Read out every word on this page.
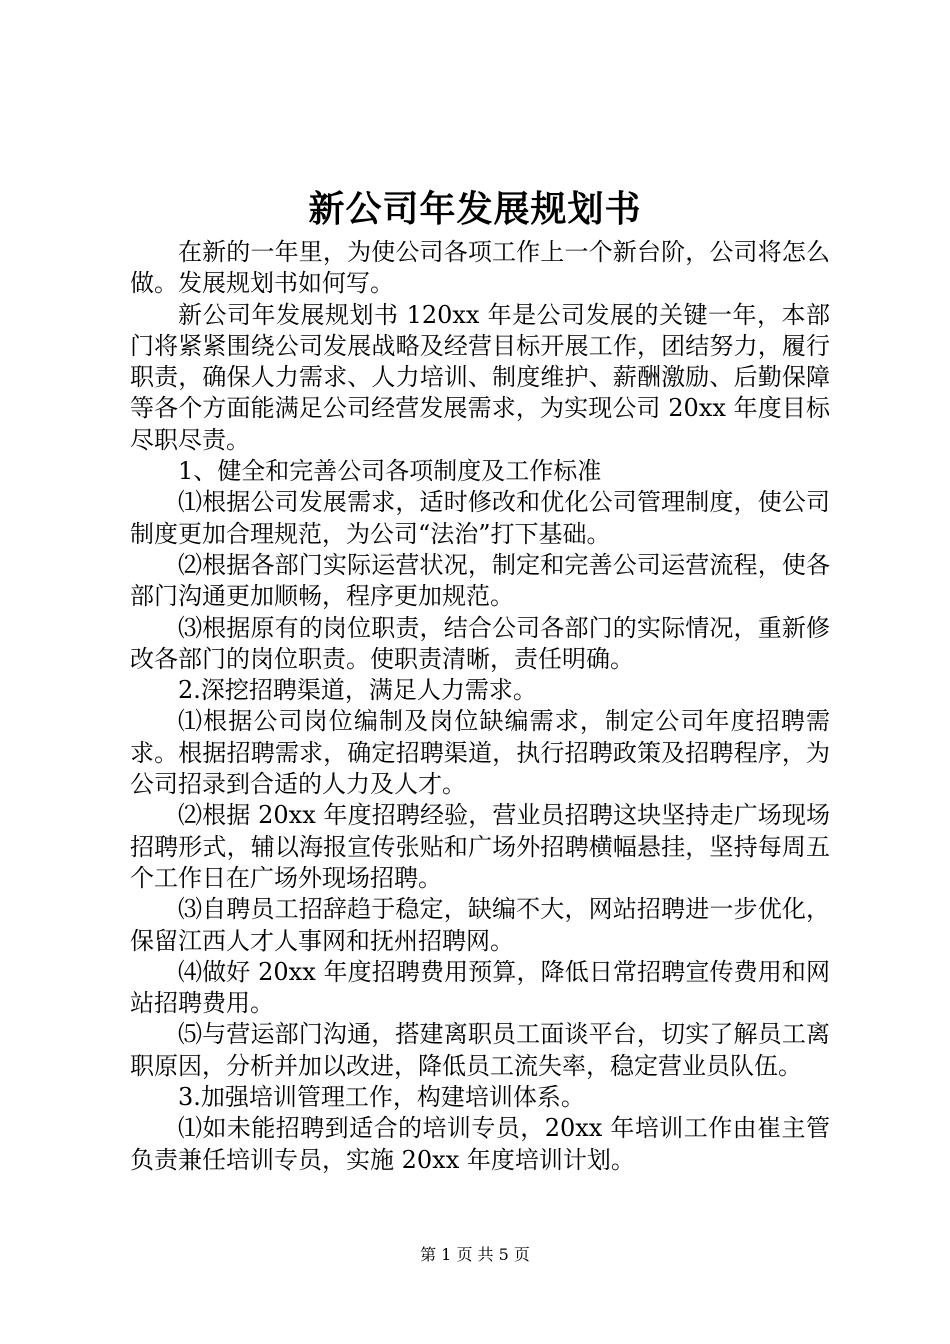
新公司年发展规划书

在新的一年里，为使公司各项工作上一个新台阶，公司将怎么做。发展规划书如何写。

新公司年发展规划书 120xx 年是公司发展的关键一年，本部门将紧紧围绕公司发展战略及经营目标开展工作，团结努力，履行职责，确保人力需求、人力培训、制度维护、薪酬激励、后勤保障等各个方面能满足公司经营发展需求，为实现公司 20xx 年度目标尽职尽责。

1、健全和完善公司各项制度及工作标准

⑴根据公司发展需求，适时修改和优化公司管理制度，使公司制度更加合理规范，为公司“法治”打下基础。

⑵根据各部门实际运营状况，制定和完善公司运营流程，使各部门沟通更加顺畅，程序更加规范。

⑶根据原有的岗位职责，结合公司各部门的实际情况，重新修改各部门的岗位职责。使职责清晰，责任明确。

2.深挖招聘渠道，满足人力需求。

⑴根据公司岗位编制及岗位缺编需求，制定公司年度招聘需求。根据招聘需求，确定招聘渠道，执行招聘政策及招聘程序，为公司招录到合适的人力及人才。

⑵根据 20xx 年度招聘经验，营业员招聘这块坚持走广场现场招聘形式，辅以海报宣传张贴和广场外招聘横幅悬挂，坚持每周五个工作日在广场外现场招聘。

⑶自聘员工招辞趋于稳定，缺编不大，网站招聘进一步优化，保留江西人才人事网和抚州招聘网。

⑷做好 20xx 年度招聘费用预算，降低日常招聘宣传费用和网站招聘费用。

⑸与营运部门沟通，搭建离职员工面谈平台，切实了解员工离职原因，分析并加以改进，降低员工流失率，稳定营业员队伍。

3.加强培训管理工作，构建培训体系。

⑴如未能招聘到适合的培训专员，20xx 年培训工作由崔主管负责兼任培训专员，实施 20xx 年度培训计划。

第 1 页 共 5 页
